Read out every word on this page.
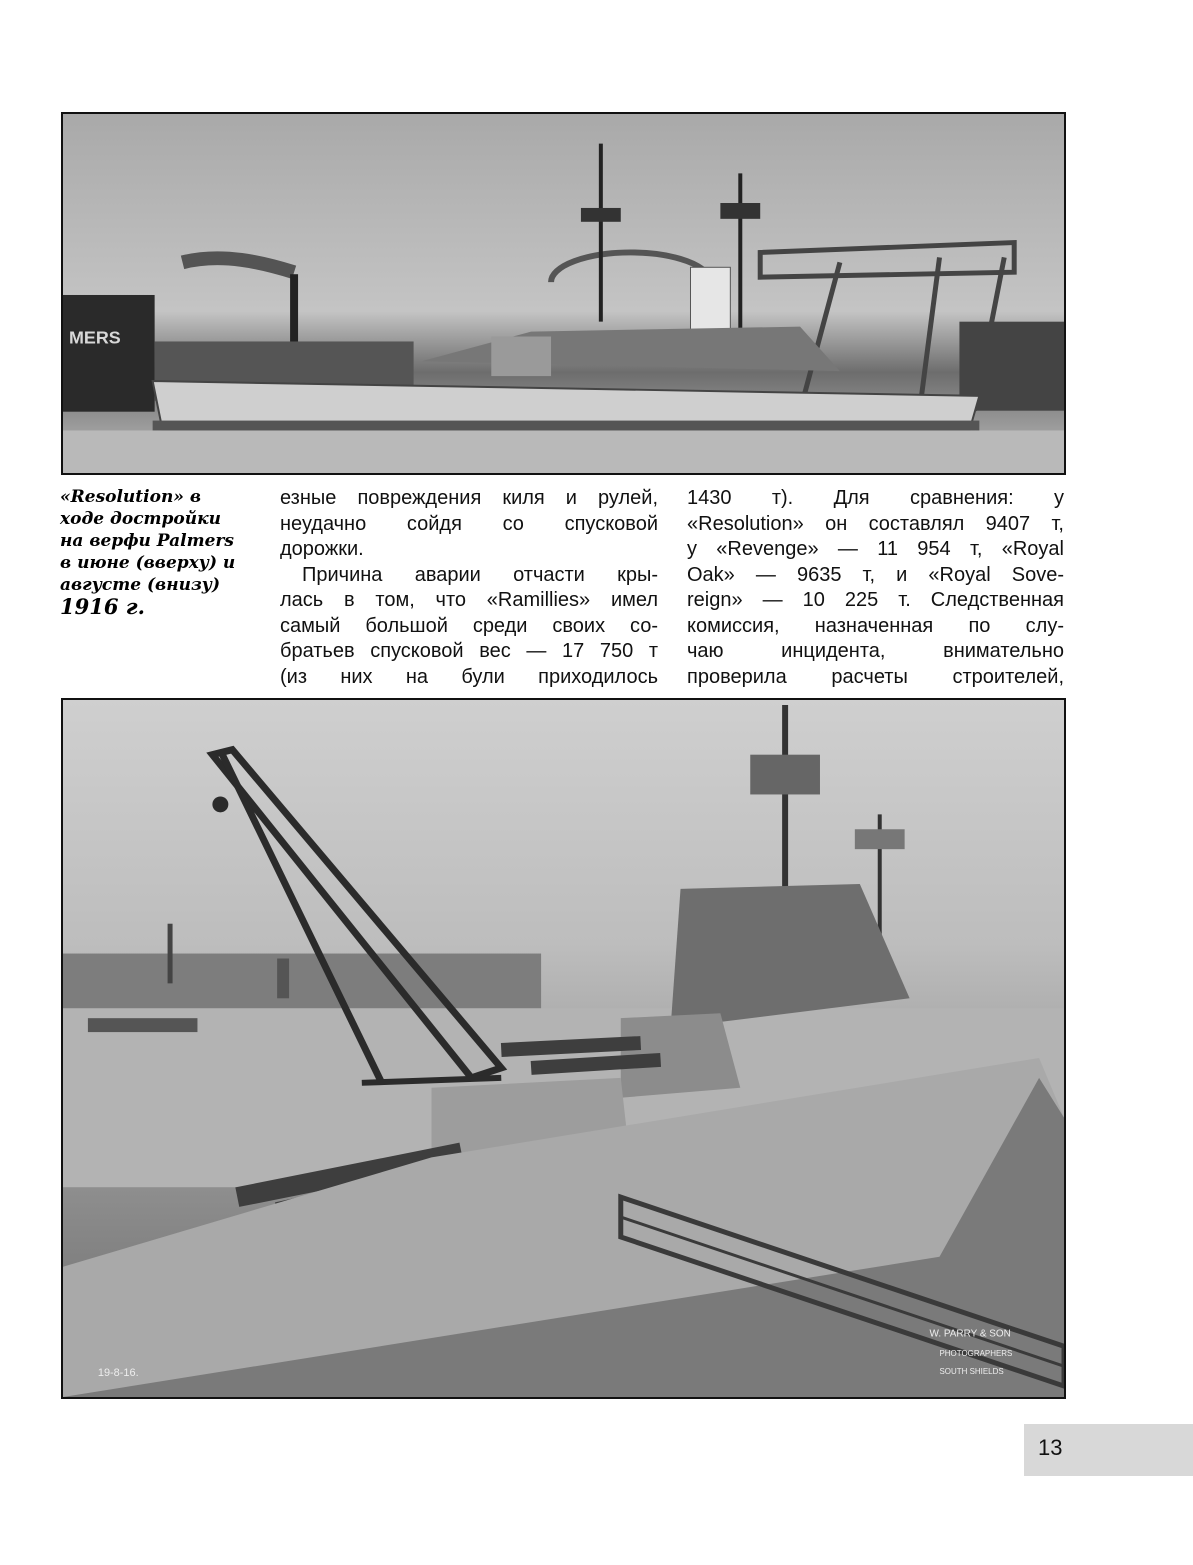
MERS
«Resolution» в
ходе достройки
на верфи Palmers
в июне (вверху) и
августе (внизу)
1916 г.
езные повреждения киля и рулей,
неудачно сойдя со спусковой
дорожки.
Причина аварии отчасти кры-
лась в том, что «Ramillies» имел
самый большой среди своих со-
братьев спусковой вес — 17 750 т
(из них на були приходилось
1430 т). Для сравнения: у
«Resolution» он составлял 9407 т,
у «Revenge» — 11 954 т, «Royal
Oak» — 9635 т, и «Royal Sove-
reign» — 10 225 т. Следственная
комиссия, назначенная по слу-
чаю инцидента, внимательно
проверила расчеты строителей,
19-8-16.
W. PARRY & SON
PHOTOGRAPHERS
SOUTH SHIELDS
13
